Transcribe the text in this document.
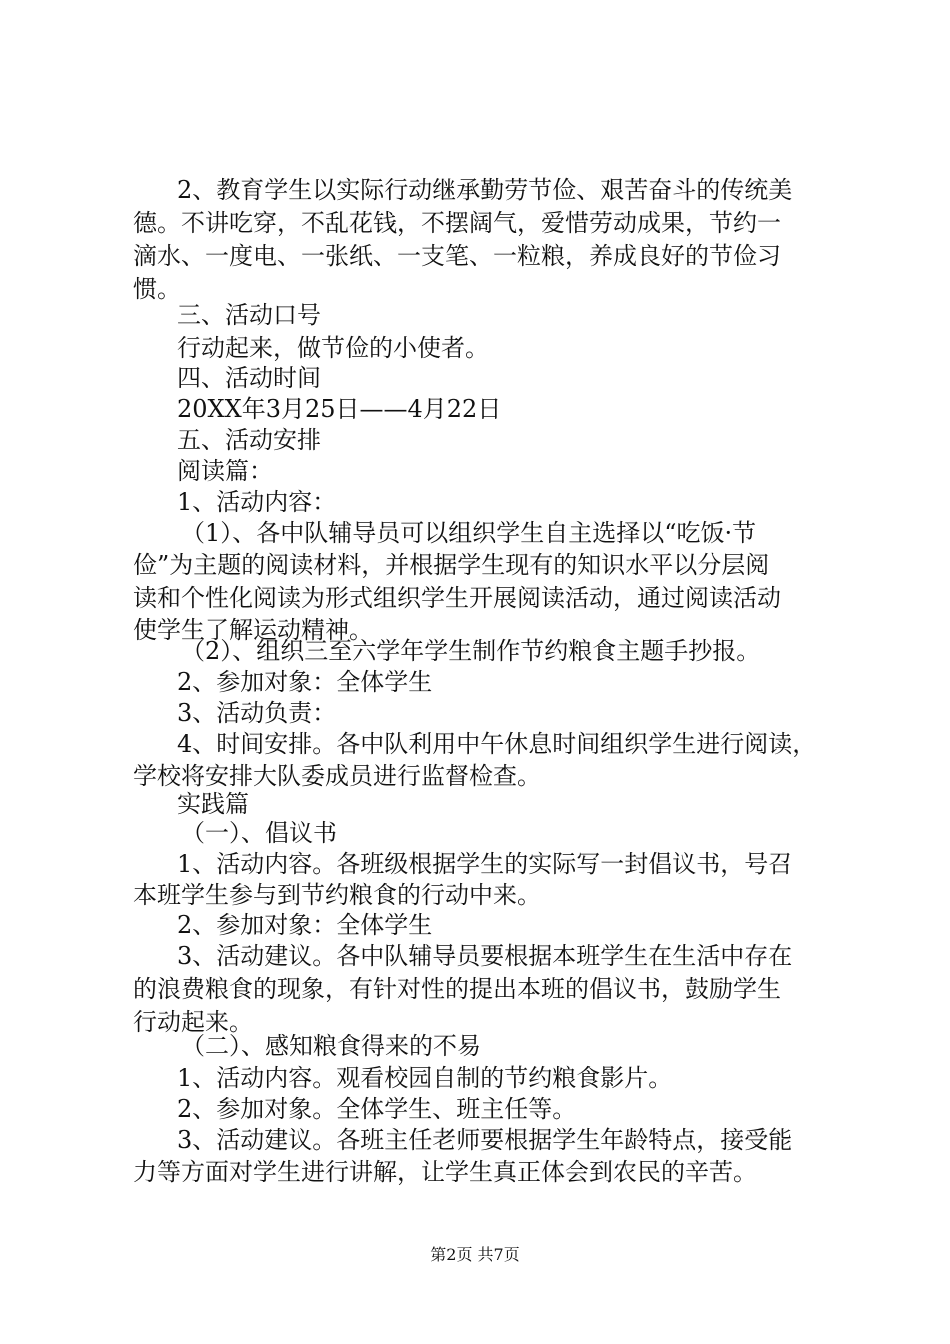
2、教育学生以实际行动继承勤劳节俭、艰苦奋斗的传统美
德。不讲吃穿，不乱花钱，不摆阔气，爱惜劳动成果，节约一
滴水、一度电、一张纸、一支笔、一粒粮，养成良好的节俭习
惯。
三、活动口号
行动起来，做节俭的小使者。
四、活动时间
20XX年3月25日——4月22日
五、活动安排
阅读篇：
1、活动内容：
（1）、各中队辅导员可以组织学生自主选择以“吃饭·节
俭”为主题的阅读材料，并根据学生现有的知识水平以分层阅
读和个性化阅读为形式组织学生开展阅读活动，通过阅读活动
使学生了解运动精神。
（2）、组织三至六学年学生制作节约粮食主题手抄报。
2、参加对象：全体学生
3、活动负责：
4、时间安排。各中队利用中午休息时间组织学生进行阅读，
学校将安排大队委成员进行监督检查。
实践篇
（一）、倡议书
1、活动内容。各班级根据学生的实际写一封倡议书，号召
本班学生参与到节约粮食的行动中来。
2、参加对象：全体学生
3、活动建议。各中队辅导员要根据本班学生在生活中存在
的浪费粮食的现象，有针对性的提出本班的倡议书，鼓励学生
行动起来。
（二）、感知粮食得来的不易
1、活动内容。观看校园自制的节约粮食影片。
2、参加对象。全体学生、班主任等。
3、活动建议。各班主任老师要根据学生年龄特点，接受能
力等方面对学生进行讲解，让学生真正体会到农民的辛苦。
第2页 共7页
